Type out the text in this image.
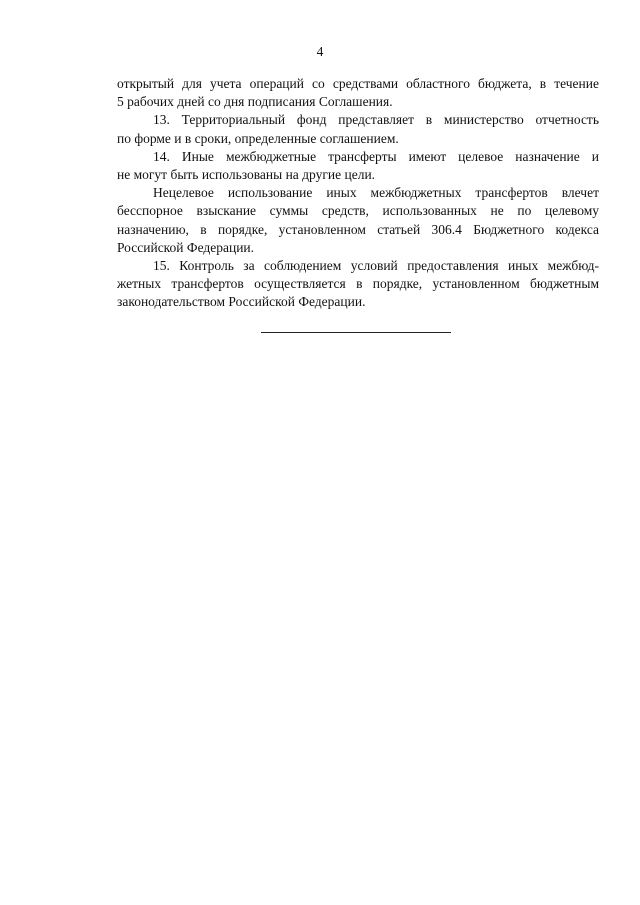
4

открытый для учета операций со средствами областного бюджета, в течение
5 рабочих дней со дня подписания Соглашения.

13. Территориальный фонд представляет в министерство отчетность
по форме и в сроки, определенные соглашением.

14. Иные межбюджетные трансферты имеют целевое назначение и
не могут быть использованы на другие цели.

Нецелевое использование иных межбюджетных трансфертов влечет
бесспорное взыскание суммы средств, использованных не по целевому
назначению, в порядке, установленном статьей 306.4 Бюджетного кодекса
Российской Федерации.

15. Контроль за соблюдением условий предоставления иных межбюд-
жетных трансфертов осуществляется в порядке, установленном бюджетным
законодательством Российской Федерации.
